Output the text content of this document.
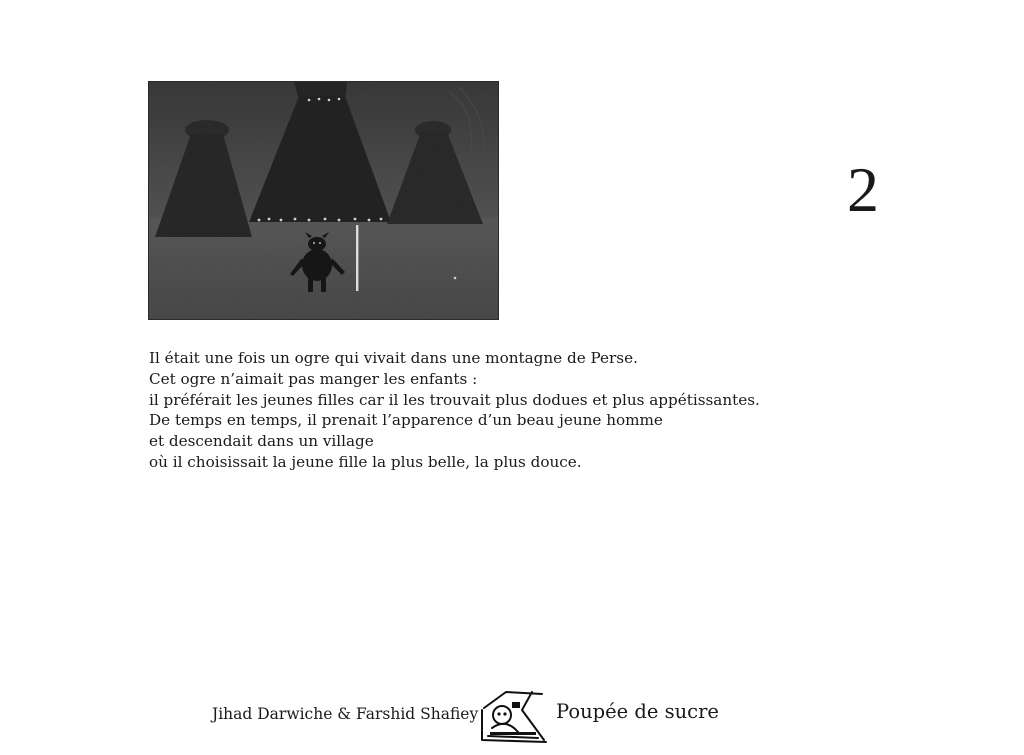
2
Il était une fois un ogre qui vivait dans une montagne de Perse.
Cet ogre n’aimait pas manger les enfants :
il préférait les jeunes filles car il les trouvait plus dodues et plus appétissantes.
De temps en temps, il prenait l’apparence d’un beau jeune homme
et descendait dans un village
où il choisissait la jeune fille la plus belle, la plus douce.
Jihad Darwiche & Farshid Shafiey	Poupée de sucre
